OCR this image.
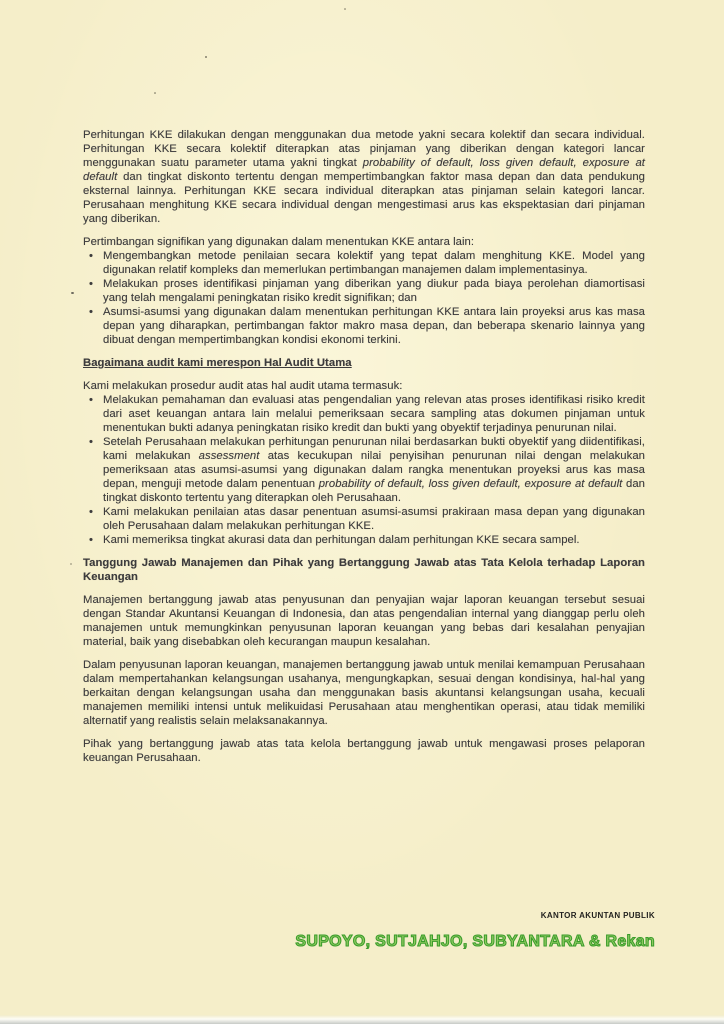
Perhitungan KKE dilakukan dengan menggunakan dua metode yakni secara kolektif dan secara individual. Perhitungan KKE secara kolektif diterapkan atas pinjaman yang diberikan dengan kategori lancar menggunakan suatu parameter utama yakni tingkat probability of default, loss given default, exposure at default dan tingkat diskonto tertentu dengan mempertimbangkan faktor masa depan dan data pendukung eksternal lainnya. Perhitungan KKE secara individual diterapkan atas pinjaman selain kategori lancar. Perusahaan menghitung KKE secara individual dengan mengestimasi arus kas ekspektasian dari pinjaman yang diberikan.

Pertimbangan signifikan yang digunakan dalam menentukan KKE antara lain:

• Mengembangkan metode penilaian secara kolektif yang tepat dalam menghitung KKE. Model yang digunakan relatif kompleks dan memerlukan pertimbangan manajemen dalam implementasinya.
• Melakukan proses identifikasi pinjaman yang diberikan yang diukur pada biaya perolehan diamortisasi yang telah mengalami peningkatan risiko kredit signifikan; dan
• Asumsi-asumsi yang digunakan dalam menentukan perhitungan KKE antara lain proyeksi arus kas masa depan yang diharapkan, pertimbangan faktor makro masa depan, dan beberapa skenario lainnya yang dibuat dengan mempertimbangkan kondisi ekonomi terkini.

Bagaimana audit kami merespon Hal Audit Utama

Kami melakukan prosedur audit atas hal audit utama termasuk:

• Melakukan pemahaman dan evaluasi atas pengendalian yang relevan atas proses identifikasi risiko kredit dari aset keuangan antara lain melalui pemeriksaan secara sampling atas dokumen pinjaman untuk menentukan bukti adanya peningkatan risiko kredit dan bukti yang obyektif terjadinya penurunan nilai.
• Setelah Perusahaan melakukan perhitungan penurunan nilai berdasarkan bukti obyektif yang diidentifikasi, kami melakukan assessment atas kecukupan nilai penyisihan penurunan nilai dengan melakukan pemeriksaan atas asumsi-asumsi yang digunakan dalam rangka menentukan proyeksi arus kas masa depan, menguji metode dalam penentuan probability of default, loss given default, exposure at default dan tingkat diskonto tertentu yang diterapkan oleh Perusahaan.
• Kami melakukan penilaian atas dasar penentuan asumsi-asumsi prakiraan masa depan yang digunakan oleh Perusahaan dalam melakukan perhitungan KKE.
• Kami memeriksa tingkat akurasi data dan perhitungan dalam perhitungan KKE secara sampel.

Tanggung Jawab Manajemen dan Pihak yang Bertanggung Jawab atas Tata Kelola terhadap Laporan Keuangan

Manajemen bertanggung jawab atas penyusunan dan penyajian wajar laporan keuangan tersebut sesuai dengan Standar Akuntansi Keuangan di Indonesia, dan atas pengendalian internal yang dianggap perlu oleh manajemen untuk memungkinkan penyusunan laporan keuangan yang bebas dari kesalahan penyajian material, baik yang disebabkan oleh kecurangan maupun kesalahan.

Dalam penyusunan laporan keuangan, manajemen bertanggung jawab untuk menilai kemampuan Perusahaan dalam mempertahankan kelangsungan usahanya, mengungkapkan, sesuai dengan kondisinya, hal-hal yang berkaitan dengan kelangsungan usaha dan menggunakan basis akuntansi kelangsungan usaha, kecuali manajemen memiliki intensi untuk melikuidasi Perusahaan atau menghentikan operasi, atau tidak memiliki alternatif yang realistis selain melaksanakannya.

Pihak yang bertanggung jawab atas tata kelola bertanggung jawab untuk mengawasi proses pelaporan keuangan Perusahaan.

KANTOR AKUNTAN PUBLIK
SUPOYO, SUTJAHJO, SUBYANTARA & Rekan
